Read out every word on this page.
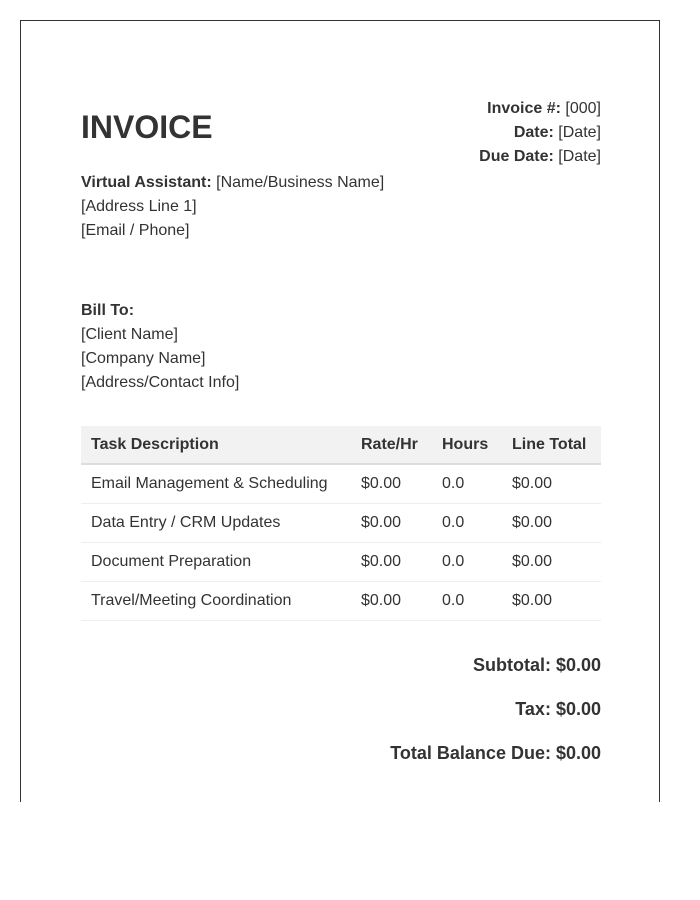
Invoice #: [000]
Date: [Date]
Due Date: [Date]
INVOICE
Virtual Assistant: [Name/Business Name]
[Address Line 1]
[Email / Phone]
Bill To:
[Client Name]
[Company Name]
[Address/Contact Info]
Task Description	Rate/Hr	Hours	Line Total
Email Management & Scheduling	$0.00	0.0	$0.00
Data Entry / CRM Updates	$0.00	0.0	$0.00
Document Preparation	$0.00	0.0	$0.00
Travel/Meeting Coordination	$0.00	0.0	$0.00
Subtotal: $0.00
Tax: $0.00
Total Balance Due: $0.00
